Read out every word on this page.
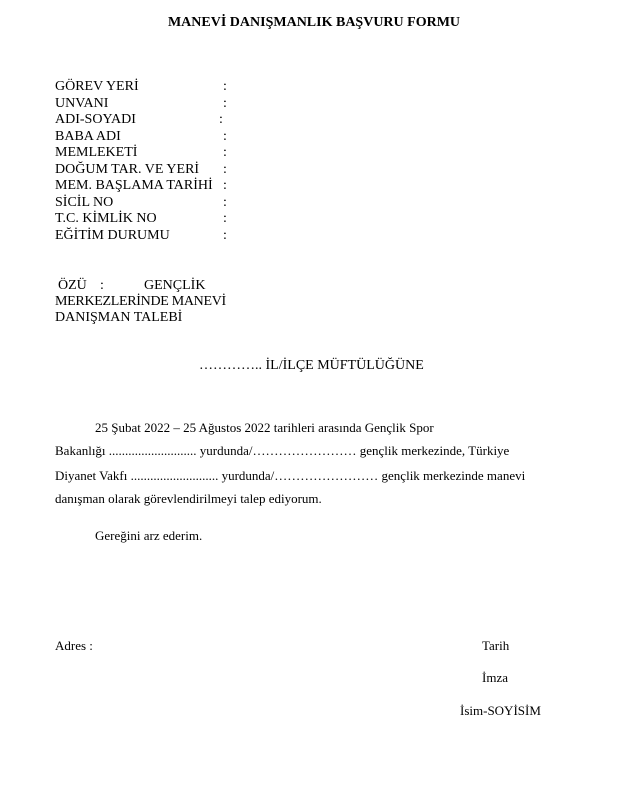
MANEVİ DANIŞMANLIK BAŞVURU FORMU
GÖREV YERİ	:
UNVANI	:
ADI-SOYADI	:
BABA ADI	:
MEMLEKETİ	:
DOĞUM TAR. VE YERİ :
MEM. BAŞLAMA TARİHİ :
SİCİL NO	:
T.C. KİMLİK NO	:
EĞİTİM DURUMU	:
ÖZÜ :	GENÇLİK
MERKEZLERİNDE MANEVİ
DANIŞMAN TALEBİ
………….. İL/İLÇE MÜFTÜLÜĞÜNE
25 Şubat 2022 – 25 Ağustos 2022 tarihleri arasında Gençlik Spor
Bakanlığı ........................... yurdunda/…………………… gençlik merkezinde, Türkiye
Diyanet Vakfı ........................... yurdunda/…………………… gençlik merkezinde manevi
danışman olarak görevlendirilmeyi talep ediyorum.
Gereğini arz ederim.
Adres :	Tarih
İmza
İsim-SOYİSİM
